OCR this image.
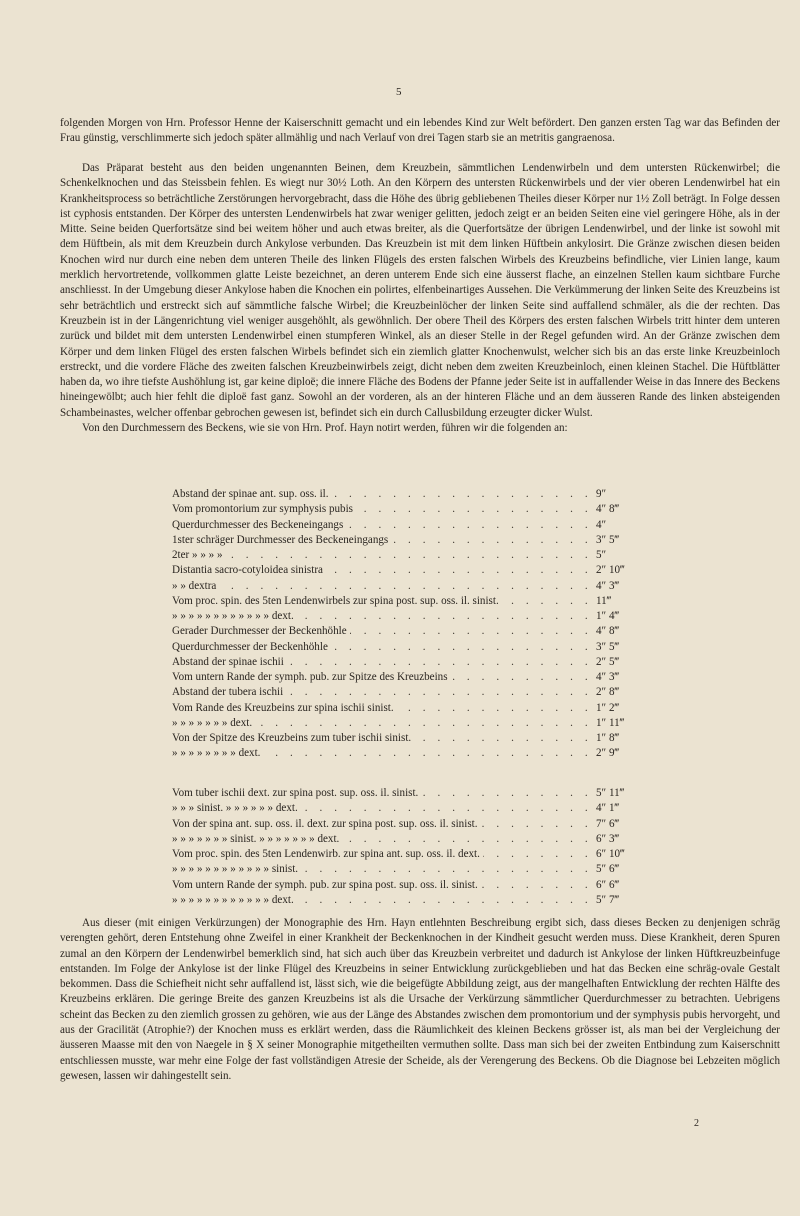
5

folgenden Morgen von Hrn. Professor Henne der Kaiserschnitt gemacht und ein lebendes Kind zur Welt befördert. Den ganzen ersten Tag war das Befinden der Frau günstig, verschlimmerte sich jedoch später allmählig und nach Verlauf von drei Tagen starb sie an metritis gangraenosa.

Das Präparat besteht aus den beiden ungenannten Beinen, dem Kreuzbein, sämmtlichen Lendenwirbeln und dem untersten Rückenwirbel; die Schenkelknochen und das Steissbein fehlen. Es wiegt nur 30½ Loth. An den Körpern des untersten Rückenwirbels und der vier oberen Lendenwirbel hat ein Krankheitsprocess so beträchtliche Zerstörungen hervorgebracht, dass die Höhe des übrig gebliebenen Theiles dieser Körper nur 1½ Zoll beträgt. In Folge dessen ist cyphosis entstanden. Der Körper des untersten Lendenwirbels hat zwar weniger gelitten, jedoch zeigt er an beiden Seiten eine viel geringere Höhe, als in der Mitte. Seine beiden Querfortsätze sind bei weitem höher und auch etwas breiter, als die Querfortsätze der übrigen Lendenwirbel, und der linke ist sowohl mit dem Hüftbein, als mit dem Kreuzbein durch Ankylose verbunden. Das Kreuzbein ist mit dem linken Hüftbein ankylosirt. Die Gränze zwischen diesen beiden Knochen wird nur durch eine neben dem unteren Theile des linken Flügels des ersten falschen Wirbels des Kreuzbeins befindliche, vier Linien lange, kaum merklich hervortretende, vollkommen glatte Leiste bezeichnet, an deren unterem Ende sich eine äusserst flache, an einzelnen Stellen kaum sichtbare Furche anschliesst. In der Umgebung dieser Ankylose haben die Knochen ein polirtes, elfenbeinartiges Aussehen. Die Verkümmerung der linken Seite des Kreuzbeins ist sehr beträchtlich und erstreckt sich auf sämmtliche falsche Wirbel; die Kreuzbeinlöcher der linken Seite sind auffallend schmäler, als die der rechten. Das Kreuzbein ist in der Längenrichtung viel weniger ausgehöhlt, als gewöhnlich. Der obere Theil des Körpers des ersten falschen Wirbels tritt hinter dem unteren zurück und bildet mit dem untersten Lendenwirbel einen stumpferen Winkel, als an dieser Stelle in der Regel gefunden wird. An der Gränze zwischen dem Körper und dem linken Flügel des ersten falschen Wirbels befindet sich ein ziemlich glatter Knochenwulst, welcher sich bis an das erste linke Kreuzbeinloch erstreckt, und die vordere Fläche des zweiten falschen Kreuzbeinwirbels zeigt, dicht neben dem zweiten Kreuzbeinloch, einen kleinen Stachel. Die Hüftblätter haben da, wo ihre tiefste Aushöhlung ist, gar keine diploë; die innere Fläche des Bodens der Pfanne jeder Seite ist in auffallender Weise in das Innere des Beckens hineingewölbt; auch hier fehlt die diploë fast ganz. Sowohl an der vorderen, als an der hinteren Fläche und an dem äusseren Rande des linken absteigenden Schambeinastes, welcher offenbar gebrochen gewesen ist, befindet sich ein durch Callusbildung erzeugter dicker Wulst.

Von den Durchmessern des Beckens, wie sie von Hrn. Prof. Hayn notirt werden, führen wir die folgenden an:

. . .
Abstand der spinae ant. sup. oss. il.	9″
. . .
Vom promontorium zur symphysis pubis	4″ 8‴
. . .
Querdurchmesser des Beckeneingangs	4″
. . .
1ster schräger Durchmesser des Beckeneingangs	3″ 5‴
. . .
2ter » » » »	5″
. . .
Distantia sacro-cotyloidea sinistra	2″ 10‴
. . .
» » dextra	4″ 3‴
. . .
Vom proc. spin. des 5ten Lendenwirbels zur spina post. sup. oss. il. sinist.	11‴
. . .
» » » » » » » » » » » » dext.	1″ 4‴
. . .
Gerader Durchmesser der Beckenhöhle	4″ 8‴
. . .
Querdurchmesser der Beckenhöhle	3″ 5‴
. . .
Abstand der spinae ischii	2″ 5‴
. . .
Vom untern Rande der symph. pub. zur Spitze des Kreuzbeins	4″ 3‴
. . .
Abstand der tubera ischii	2″ 8‴
. . .
Vom Rande des Kreuzbeins zur spina ischii sinist.	1″ 2‴
. . .
» » » » » » » dext.	1″ 11‴
. . .
Von der Spitze des Kreuzbeins zum tuber ischii sinist.	1″ 8‴
. . .
» » » » » » » » dext.	2″ 9‴
. . .
Vom tuber ischii dext. zur spina post. sup. oss. il. sinist.	5″ 11‴
. . .
» » » sinist. » » » » » » dext.	4″ 1‴
. . .
Von der spina ant. sup. oss. il. dext. zur spina post. sup. oss. il. sinist.	7″ 6‴
. . .
» » » » » » » sinist. » » » » » » » dext.	6″ 3‴
. . .
Vom proc. spin. des 5ten Lendenwirb. zur spina ant. sup. oss. il. dext.	6″ 10‴
. . .
» » » » » » » » » » » » sinist.	5″ 6‴
. . .
Vom untern Rande der symph. pub. zur spina post. sup. oss. il. sinist.	6″ 6‴
. . .
» » » » » » » » » » » » dext.	5″ 7‴

Aus dieser (mit einigen Verkürzungen) der Monographie des Hrn. Hayn entlehnten Beschreibung ergibt sich, dass dieses Becken zu denjenigen schräg verengten gehört, deren Entstehung ohne Zweifel in einer Krankheit der Beckenknochen in der Kindheit gesucht werden muss. Diese Krankheit, deren Spuren zumal an den Körpern der Lendenwirbel bemerklich sind, hat sich auch über das Kreuzbein verbreitet und dadurch ist Ankylose der linken Hüftkreuzbeinfuge entstanden. Im Folge der Ankylose ist der linke Flügel des Kreuzbeins in seiner Entwicklung zurückgeblieben und hat das Becken eine schräg-ovale Gestalt bekommen. Dass die Schiefheit nicht sehr auffallend ist, lässt sich, wie die beigefügte Abbildung zeigt, aus der mangelhaften Entwicklung der rechten Hälfte des Kreuzbeins erklären. Die geringe Breite des ganzen Kreuzbeins ist als die Ursache der Verkürzung sämmtlicher Querdurchmesser zu betrachten. Uebrigens scheint das Becken zu den ziemlich grossen zu gehören, wie aus der Länge des Abstandes zwischen dem promontorium und der symphysis pubis hervorgeht, und aus der Gracilität (Atrophie?) der Knochen muss es erklärt werden, dass die Räumlichkeit des kleinen Beckens grösser ist, als man bei der Vergleichung der äusseren Maasse mit den von Naegele in § X seiner Monographie mitgetheilten vermuthen sollte. Dass man sich bei der zweiten Entbindung zum Kaiserschnitt entschliessen musste, war mehr eine Folge der fast vollständigen Atresie der Scheide, als der Verengerung des Beckens. Ob die Diagnose bei Lebzeiten möglich gewesen, lassen wir dahingestellt sein.

2
